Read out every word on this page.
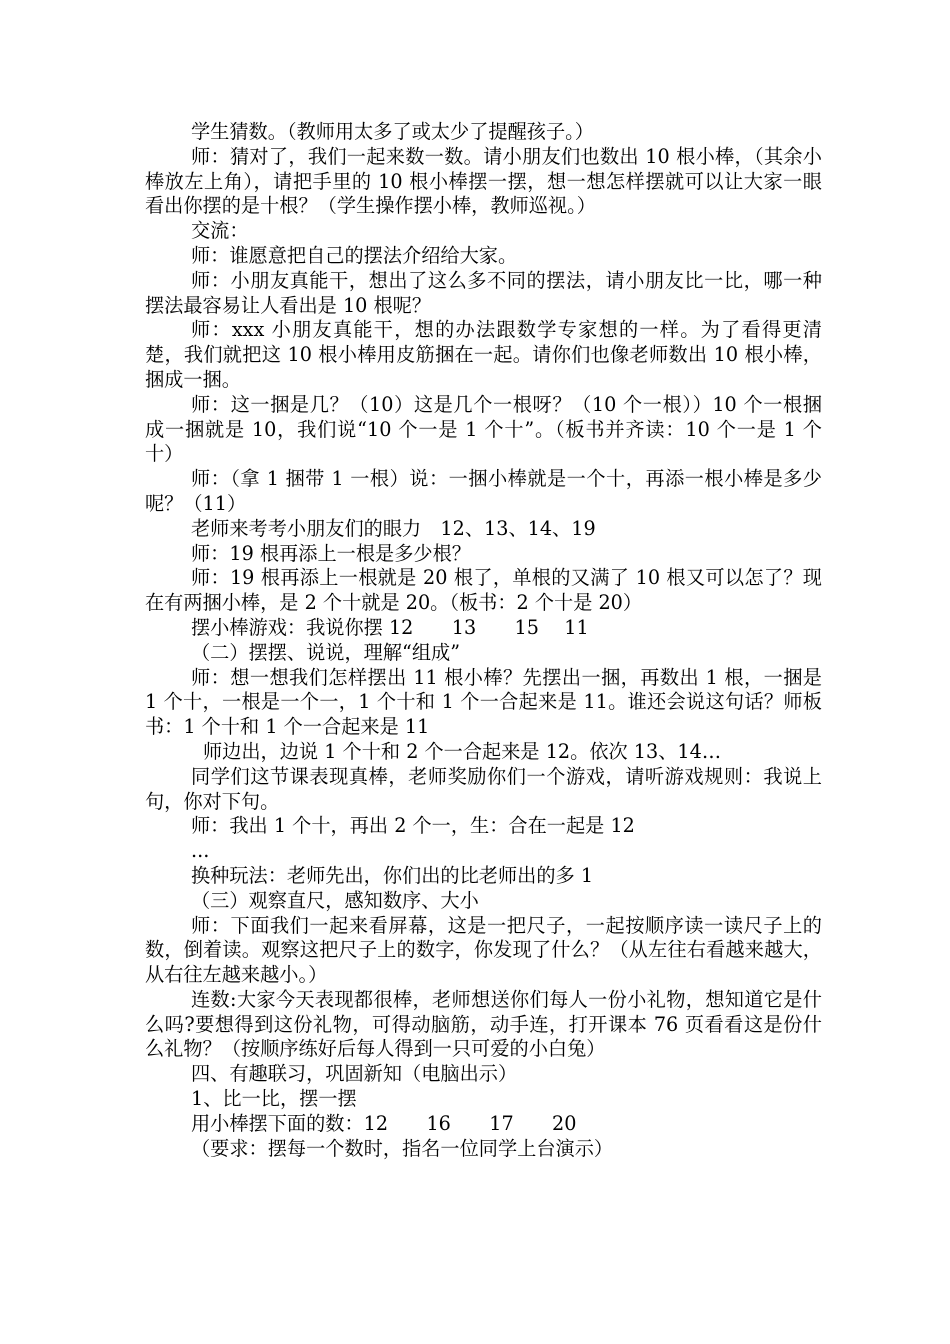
学生猜数。（教师用太多了或太少了提醒孩子。）

师：猜对了，我们一起来数一数。请小朋友们也数出 10 根小棒，（其余小棒放左上角），请把手里的 10 根小棒摆一摆，想一想怎样摆就可以让大家一眼看出你摆的是十根？（学生操作摆小棒，教师巡视。）

交流：

师：谁愿意把自己的摆法介绍给大家。

师：小朋友真能干，想出了这么多不同的摆法，请小朋友比一比，哪一种摆法最容易让人看出是 10 根呢？

师：xxx 小朋友真能干，想的办法跟数学专家想的一样。为了看得更清楚，我们就把这 10 根小棒用皮筋捆在一起。请你们也像老师数出 10 根小棒，捆成一捆。

师：这一捆是几？（10）这是几个一根呀？（10 个一根））10 个一根捆成一捆就是 10，我们说“10 个一是 1 个十”。（板书并齐读：10 个一是 1 个十）

师：（拿 1 捆带 1 一根）说：一捆小棒就是一个十，再添一根小棒是多少呢？（11）

老师来考考小朋友们的眼力　12、13、14、19

师：19 根再添上一根是多少根？

师：19 根再添上一根就是 20 根了，单根的又满了 10 根又可以怎了？现在有两捆小棒，是 2 个十就是 20。（板书：2 个十是 20）

摆小棒游戏：我说你摆 12　　13　　15　 11

（二）摆摆、说说，理解“组成”

师：想一想我们怎样摆出 11 根小棒？先摆出一捆，再数出 1 根，一捆是 1 个十，一根是一个一，1 个十和 1 个一合起来是 11。谁还会说这句话？师板书：1 个十和 1 个一合起来是 11

师边出，边说 1 个十和 2 个一合起来是 12。依次 13、14…

同学们这节课表现真棒，老师奖励你们一个游戏，请听游戏规则：我说上句，你对下句。

师：我出 1 个十，再出 2 个一，生：合在一起是 12

...

换种玩法：老师先出，你们出的比老师出的多 1

（三）观察直尺，感知数序、大小

师：下面我们一起来看屏幕，这是一把尺子，一起按顺序读一读尺子上的数，倒着读。观察这把尺子上的数字，你发现了什么？（从左往右看越来越大，从右往左越来越小。）

连数:大家今天表现都很棒，老师想送你们每人一份小礼物，想知道它是什么吗?要想得到这份礼物，可得动脑筋，动手连，打开课本 76 页看看这是份什么礼物？（按顺序练好后每人得到一只可爱的小白兔）

四、有趣联习，巩固新知（电脑出示）

1、比一比，摆一摆

用小棒摆下面的数：12　　16　　17　　20

（要求：摆每一个数时，指名一位同学上台演示）
